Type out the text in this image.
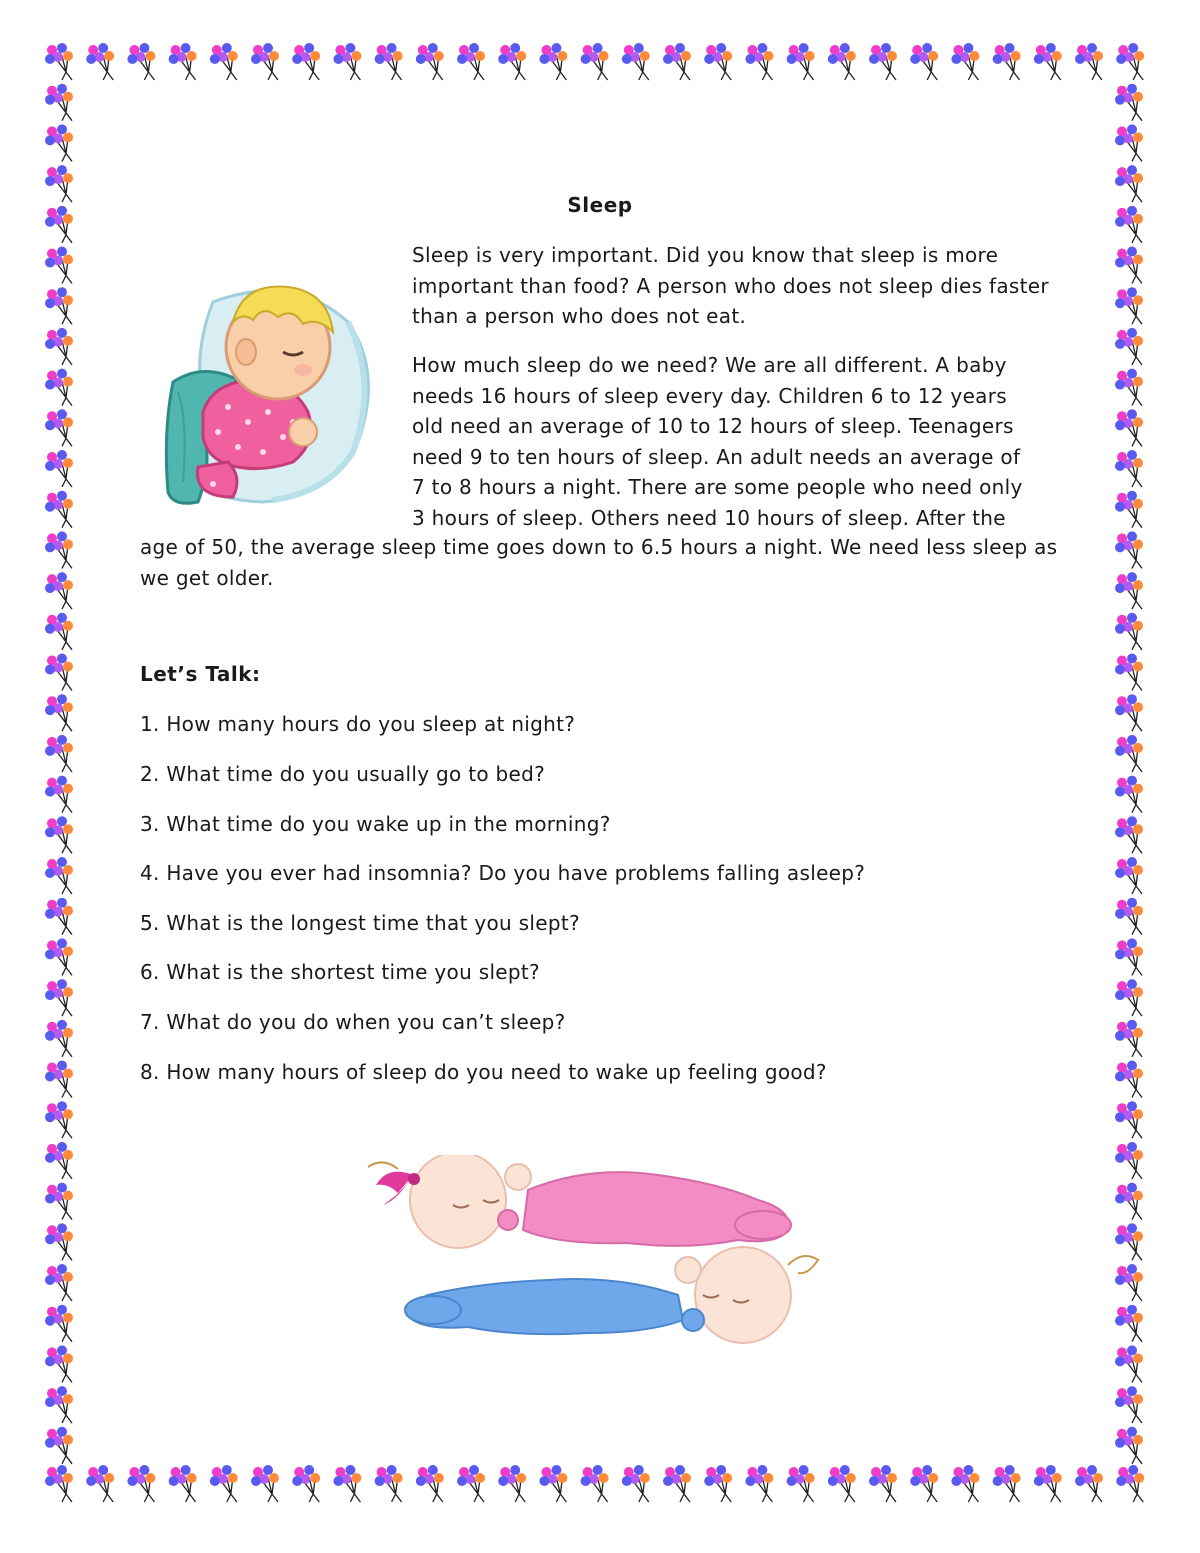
Sleep

Sleep is very important. Did you know that sleep is more important than food? A person who does not sleep dies faster than a person who does not eat.

How much sleep do we need? We are all different. A baby
needs 16 hours of sleep every day. Children 6 to 12 years
old need an average of 10 to 12 hours of sleep. Teenagers
need 9 to ten hours of sleep. An adult needs an average of
7 to 8 hours a night. There are some people who need only
3 hours of sleep. Others need 10 hours of sleep. After the

age of 50, the average sleep time goes down to 6.5 hours a night. We need less sleep as we get older.

Let’s Talk:
1. How many hours do you sleep at night?
2. What time do you usually go to bed?
3. What time do you wake up in the morning?
4. Have you ever had insomnia? Do you have problems falling asleep?
5. What is the longest time that you slept?
6. What is the shortest time you slept?
7. What do you do when you can’t sleep?
8. How many hours of sleep do you need to wake up feeling good?
